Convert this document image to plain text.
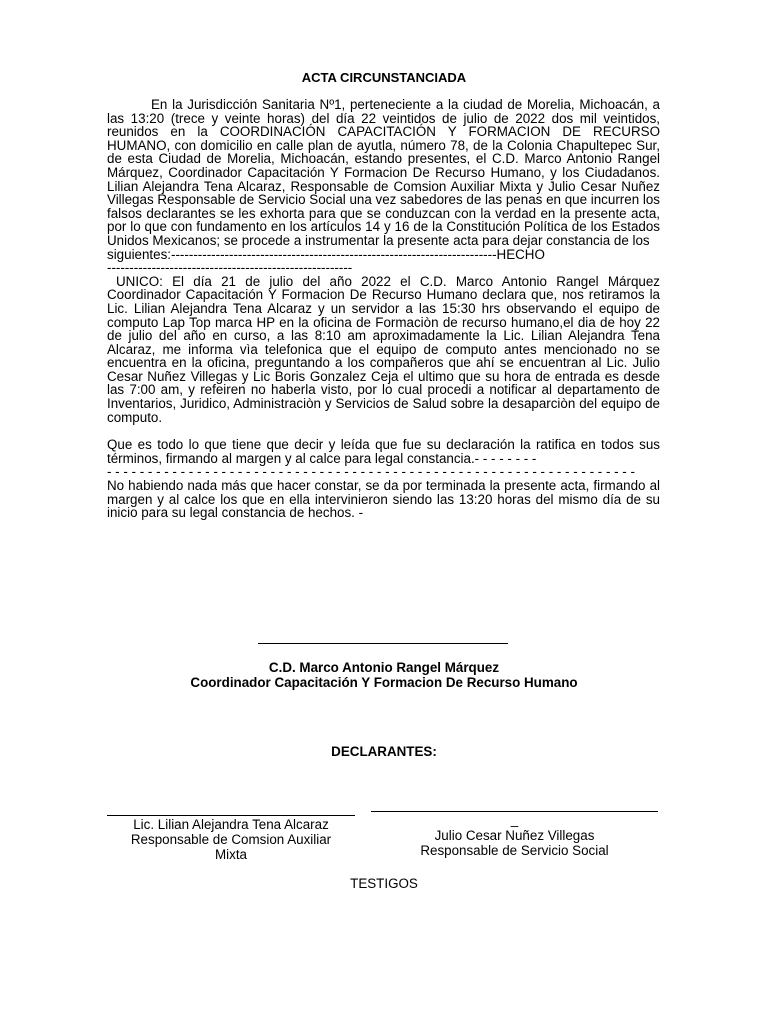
ACTA CIRCUNSTANCIADA

En la Jurisdicción Sanitaria Nº1, perteneciente a la ciudad de Morelia, Michoacán, a las 13:20 (trece y veinte horas) del día 22 veintidos de julio de 2022 dos mil veintidos, reunidos en la COORDINACIÓN CAPACITACIÓN Y FORMACION DE RECURSO HUMANO, con domicilio en calle plan de ayutla, número 78, de la Colonia Chapultepec Sur, de esta Ciudad de Morelia, Michoacán, estando presentes, el C.D. Marco Antonio Rangel Márquez, Coordinador Capacitación Y Formacion De Recurso Humano, y los Ciudadanos. Lilian Alejandra Tena Alcaraz, Responsable de Comsion Auxiliar Mixta y Julio Cesar Nuñez Villegas Responsable de Servicio Social una vez sabedores de las penas en que incurren los falsos declarantes se les exhorta para que se conduzcan con la verdad en la presente acta, por lo que con fundamento en los artículos 14 y 16 de la Constitución Política de los Estados Unidos Mexicanos; se procede a instrumentar la presente acta para dejar constancia de los

siguientes:-------------------------------------------------------------------------HECHO

-------------------------------------------------------

UNICO: El día 21 de julio del año 2022 el C.D. Marco Antonio Rangel Márquez Coordinador Capacitación Y Formacion De Recurso Humano declara que, nos retiramos la Lic. Lilian Alejandra Tena Alcaraz y un servidor a las 15:30 hrs observando el equipo de computo Lap Top marca HP en la oficina de Formaciòn de recurso humano,el dia de hoy 22 de julio del año en curso, a las 8:10 am aproximadamente la Lic. Lilian Alejandra Tena Alcaraz, me informa vìa telefonica que el equipo de computo antes mencionado no se encuentra en la oficina, preguntando a los compañeros que ahí se encuentran al Lic. Julio Cesar Nuñez Villegas y Lic Boris Gonzalez Ceja el ultimo que su hora de entrada es desde las 7:00 am, y refeiren no haberla visto, por lo cual procedi a notificar al departamento de Inventarios, Juridico, Administraciòn y Servicios de Salud sobre la desaparciòn del equipo de computo.

Que es todo lo que tiene que decir y leída que fue su declaración la ratifica en todos sus términos, firmando al margen y al calce para legal constancia.- - - - - - - -

- - - - - - - - - - - - - - - - - - - - - - - - - - - - - - - - - - - - - - - - - - - - - - - - - - - - - - - - - - - - - - - - -

No habiendo nada más que hacer constar, se da por terminada la presente acta, firmando al margen y al calce los que en ella intervinieron siendo las 13:20 horas del mismo día de su inicio para su legal constancia de hechos. -

C.D. Marco Antonio Rangel Márquez
Coordinador Capacitación Y Formacion De Recurso Humano
DECLARANTES:
Lic. Lilian Alejandra Tena Alcaraz
Responsable de Comsion Auxiliar
Mixta
_
Julio Cesar Nuñez Villegas
Responsable de Servicio Social
TESTIGOS
